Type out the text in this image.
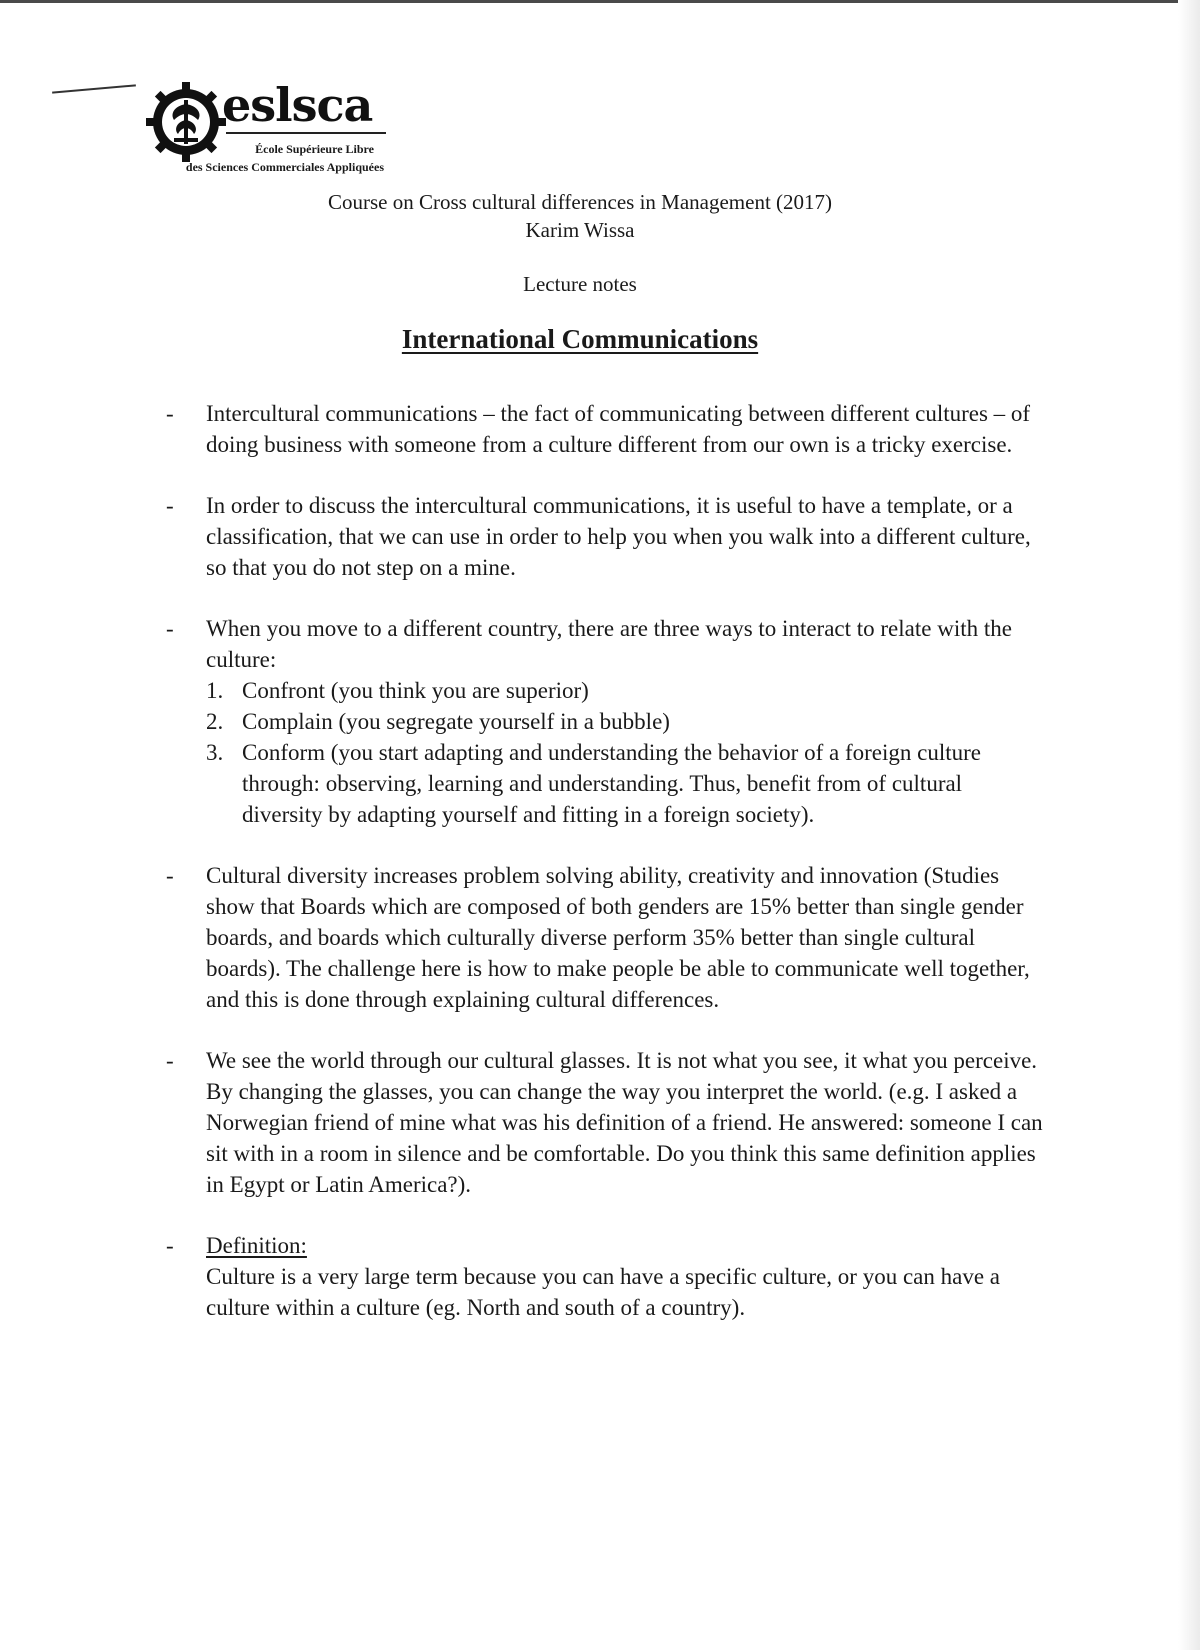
eslsca
École Supérieure Libre
des Sciences Commerciales Appliquées
Course on Cross cultural differences in Management (2017)
Karim Wissa
Lecture notes
International Communications
- Intercultural communications – the fact of communicating between different cultures – of doing business with someone from a culture different from our own is a tricky exercise.
- In order to discuss the intercultural communications, it is useful to have a template, or a classification, that we can use in order to help you when you walk into a different culture, so that you do not step on a mine.
- When you move to a different country, there are three ways to interact to relate with the culture:
1. Confront (you think you are superior)
2. Complain (you segregate yourself in a bubble)
3. Conform (you start adapting and understanding the behavior of a foreign culture through: observing, learning and understanding. Thus, benefit from of cultural diversity by adapting yourself and fitting in a foreign society).
- Cultural diversity increases problem solving ability, creativity and innovation (Studies show that Boards which are composed of both genders are 15% better than single gender boards, and boards which culturally diverse perform 35% better than single cultural boards). The challenge here is how to make people be able to communicate well together, and this is done through explaining cultural differences.
- We see the world through our cultural glasses. It is not what you see, it what you perceive. By changing the glasses, you can change the way you interpret the world. (e.g. I asked a Norwegian friend of mine what was his definition of a friend. He answered: someone I can sit with in a room in silence and be comfortable. Do you think this same definition applies in Egypt or Latin America?).
- Definition:
Culture is a very large term because you can have a specific culture, or you can have a culture within a culture (eg. North and south of a country).
